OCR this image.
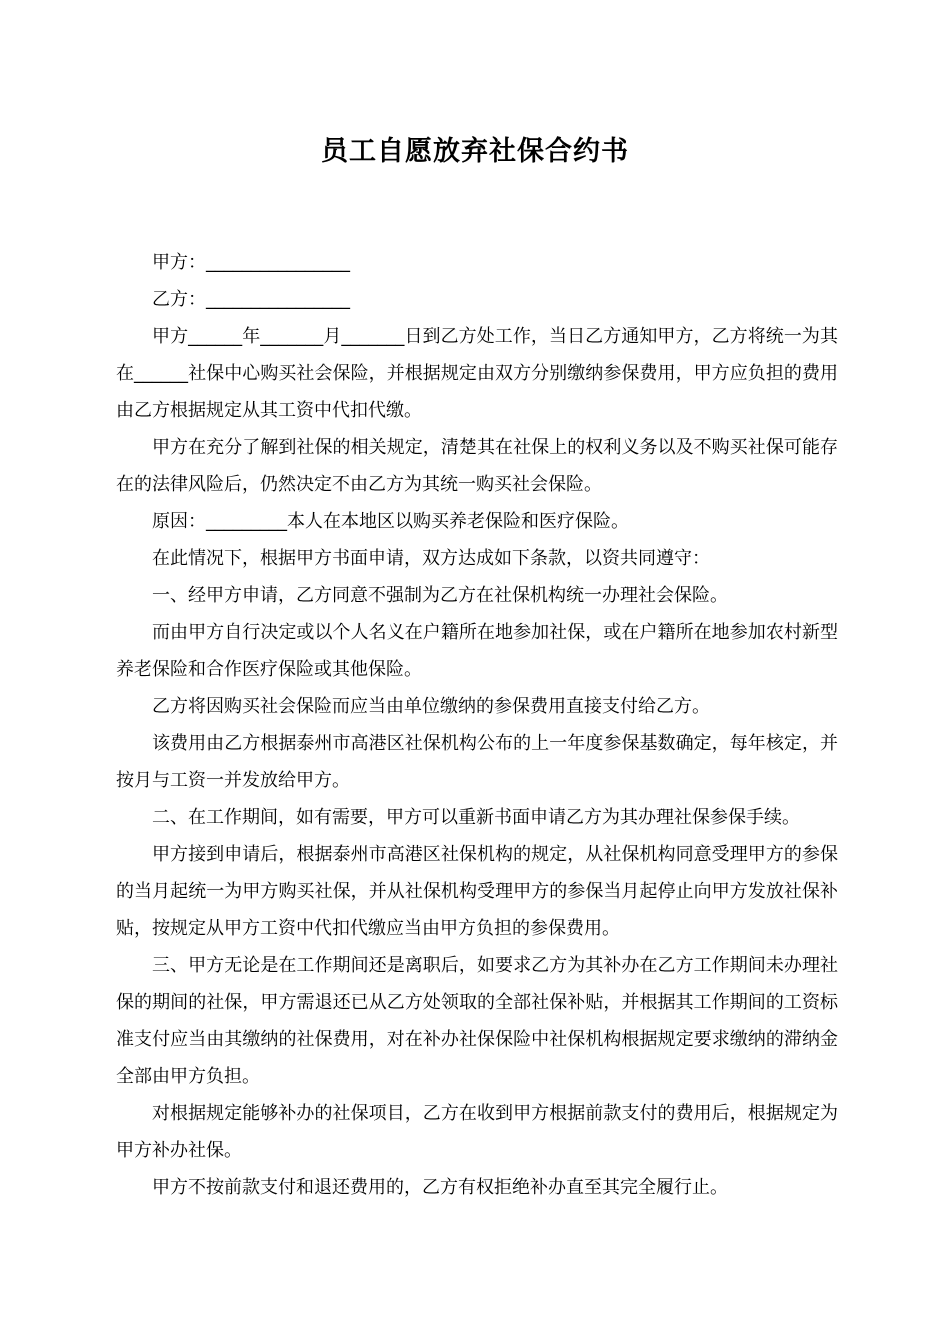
员工自愿放弃社保合约书

甲方：________________

乙方：________________

甲方______年_______月_______日到乙方处工作，当日乙方通知甲方，乙方将统一为其在______社保中心购买社会保险，并根据规定由双方分别缴纳参保费用，甲方应负担的费用由乙方根据规定从其工资中代扣代缴。

甲方在充分了解到社保的相关规定，清楚其在社保上的权利义务以及不购买社保可能存在的法律风险后，仍然决定不由乙方为其统一购买社会保险。

原因：_________本人在本地区以购买养老保险和医疗保险。

在此情况下，根据甲方书面申请，双方达成如下条款，以资共同遵守：

一、经甲方申请，乙方同意不强制为乙方在社保机构统一办理社会保险。

而由甲方自行决定或以个人名义在户籍所在地参加社保，或在户籍所在地参加农村新型养老保险和合作医疗保险或其他保险。

乙方将因购买社会保险而应当由单位缴纳的参保费用直接支付给乙方。

该费用由乙方根据泰州市高港区社保机构公布的上一年度参保基数确定，每年核定，并按月与工资一并发放给甲方。

二、在工作期间，如有需要，甲方可以重新书面申请乙方为其办理社保参保手续。

甲方接到申请后，根据泰州市高港区社保机构的规定，从社保机构同意受理甲方的参保的当月起统一为甲方购买社保，并从社保机构受理甲方的参保当月起停止向甲方发放社保补贴，按规定从甲方工资中代扣代缴应当由甲方负担的参保费用。

三、甲方无论是在工作期间还是离职后，如要求乙方为其补办在乙方工作期间未办理社保的期间的社保，甲方需退还已从乙方处领取的全部社保补贴，并根据其工作期间的工资标准支付应当由其缴纳的社保费用，对在补办社保保险中社保机构根据规定要求缴纳的滞纳金全部由甲方负担。

对根据规定能够补办的社保项目，乙方在收到甲方根据前款支付的费用后，根据规定为甲方补办社保。

甲方不按前款支付和退还费用的，乙方有权拒绝补办直至其完全履行止。
